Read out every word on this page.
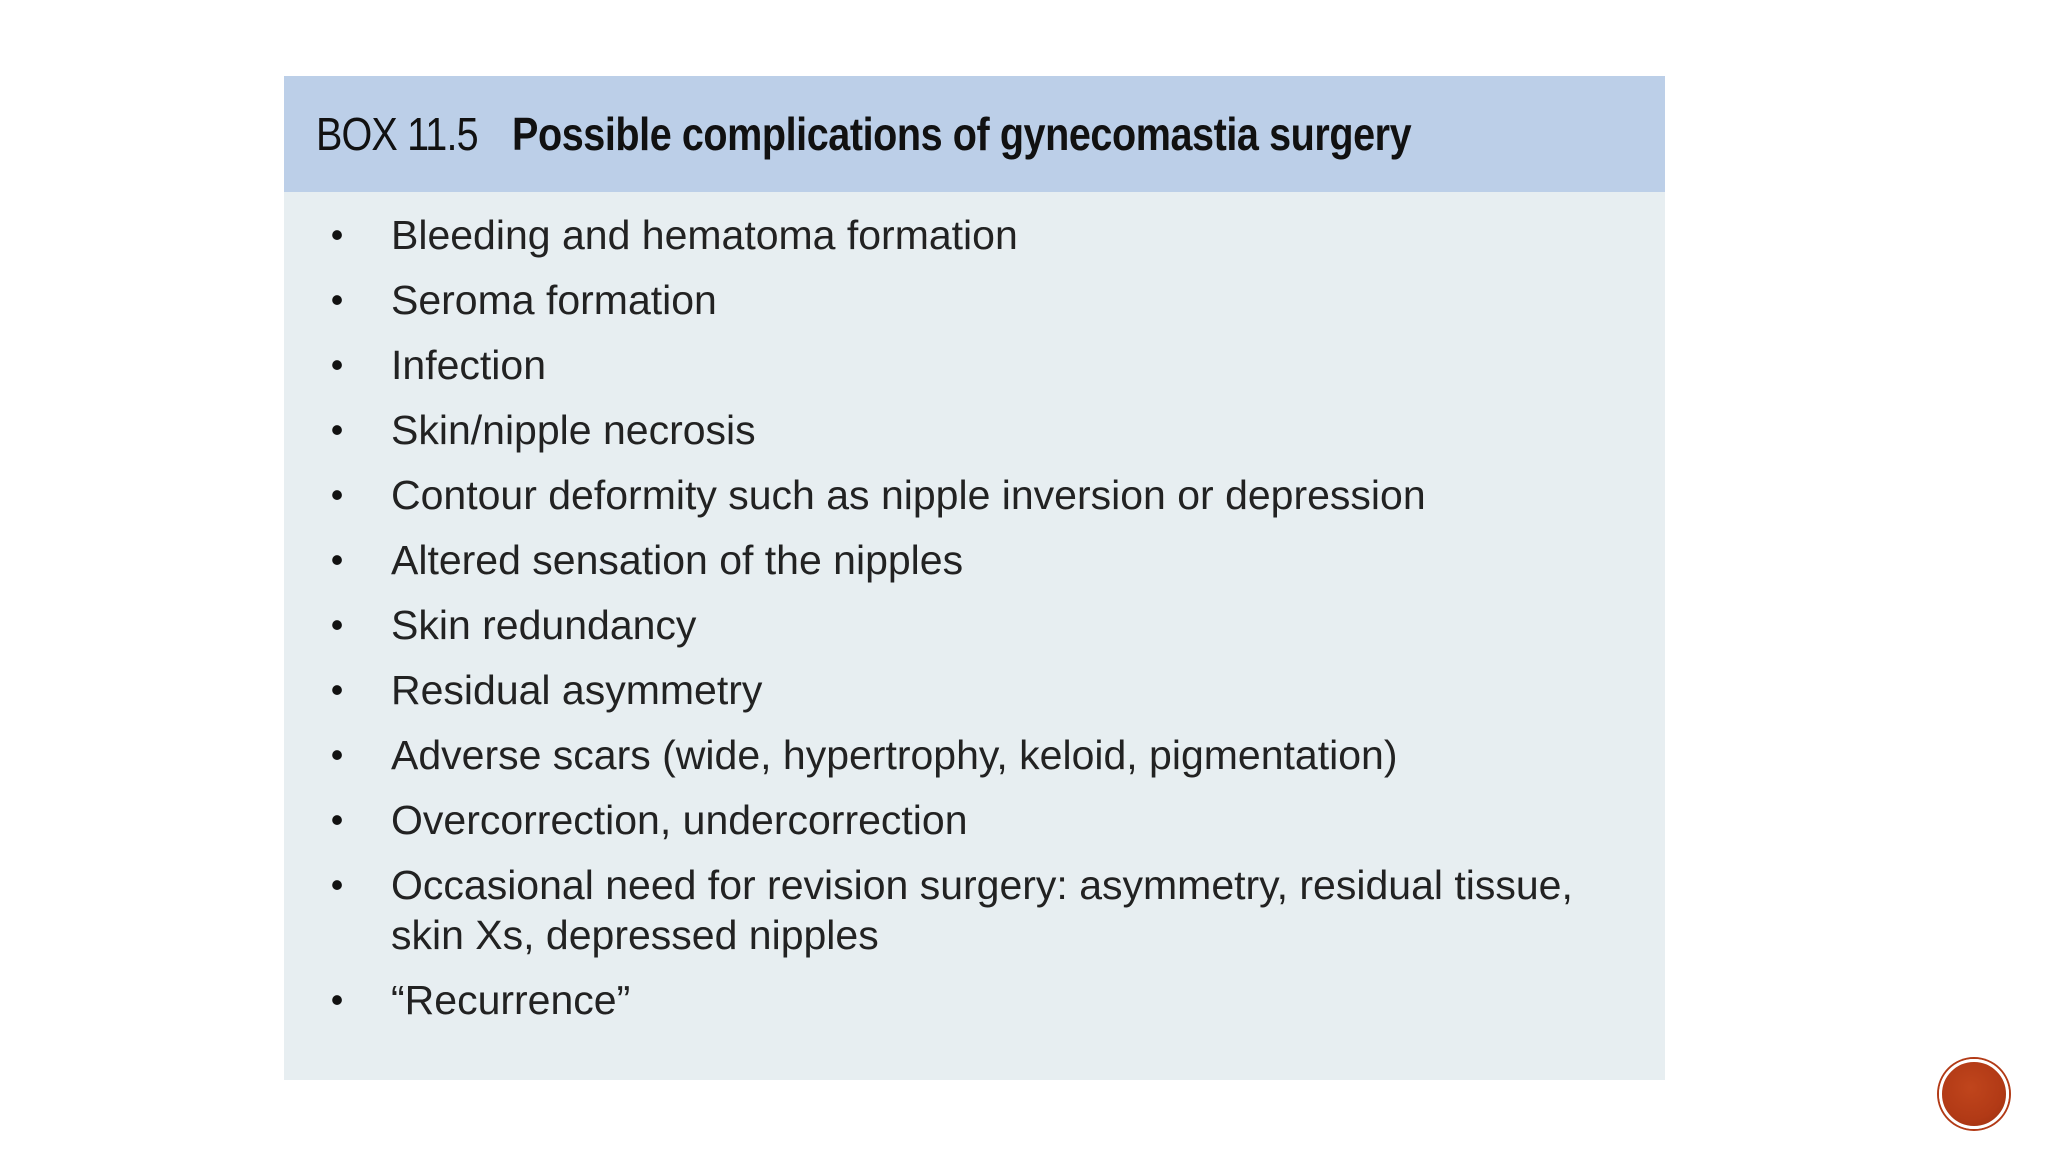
BOX 11.5 Possible complications of gynecomastia surgery
• Bleeding and hematoma formation
• Seroma formation
• Infection
• Skin/nipple necrosis
• Contour deformity such as nipple inversion or depression
• Altered sensation of the nipples
• Skin redundancy
• Residual asymmetry
• Adverse scars (wide, hypertrophy, keloid, pigmentation)
• Overcorrection, undercorrection
• Occasional need for revision surgery: asymmetry, residual tissue, skin Xs, depressed nipples
• “Recurrence”
